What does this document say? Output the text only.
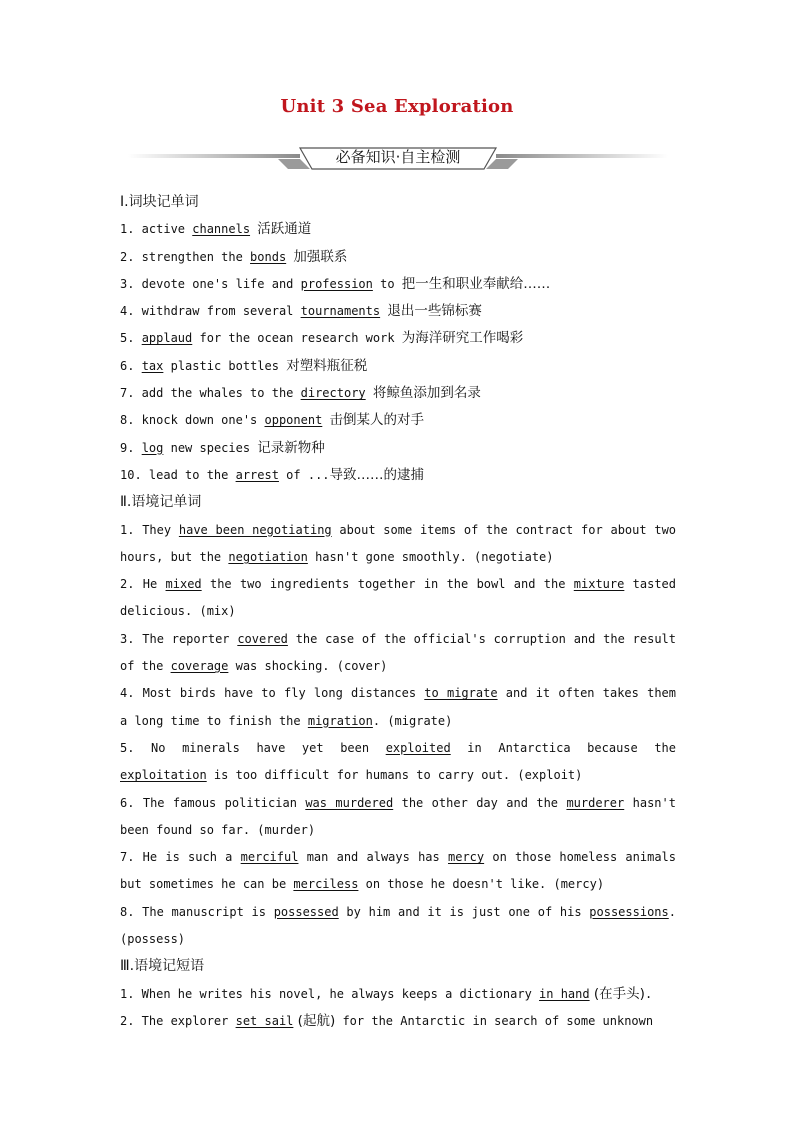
Unit 3 Sea Exploration
必备知识·自主检测
Ⅰ.词块记单词
1. active channels 活跃通道
2. strengthen the bonds 加强联系
3. devote one's life and profession to 把一生和职业奉献给……
4. withdraw from several tournaments 退出一些锦标赛
5. applaud for the ocean research work 为海洋研究工作喝彩
6. tax plastic bottles 对塑料瓶征税
7. add the whales to the directory 将鲸鱼添加到名录
8. knock down one's opponent 击倒某人的对手
9. log new species 记录新物种
10. lead to the arrest of ...导致……的逮捕
Ⅱ.语境记单词
1. They have been negotiating about some items of the contract for about two hours, but the negotiation hasn't gone smoothly. (negotiate)
2. He mixed the two ingredients together in the bowl and the mixture tasted delicious. (mix)
3. The reporter covered the case of the official's corruption and the result of the coverage was shocking. (cover)
4. Most birds have to fly long distances to migrate and it often takes them a long time to finish the migration. (migrate)
5. No minerals have yet been exploited in Antarctica because the exploitation is too difficult for humans to carry out. (exploit)
6. The famous politician was murdered the other day and the murderer hasn't been found so far. (murder)
7. He is such a merciful man and always has mercy on those homeless animals but sometimes he can be merciless on those he doesn't like. (mercy)
8. The manuscript is possessed by him and it is just one of his possessions. (possess)
Ⅲ.语境记短语
1. When he writes his novel, he always keeps a dictionary in hand (在手头).
2. The explorer set sail (起航) for the Antarctic in search of some unknown
